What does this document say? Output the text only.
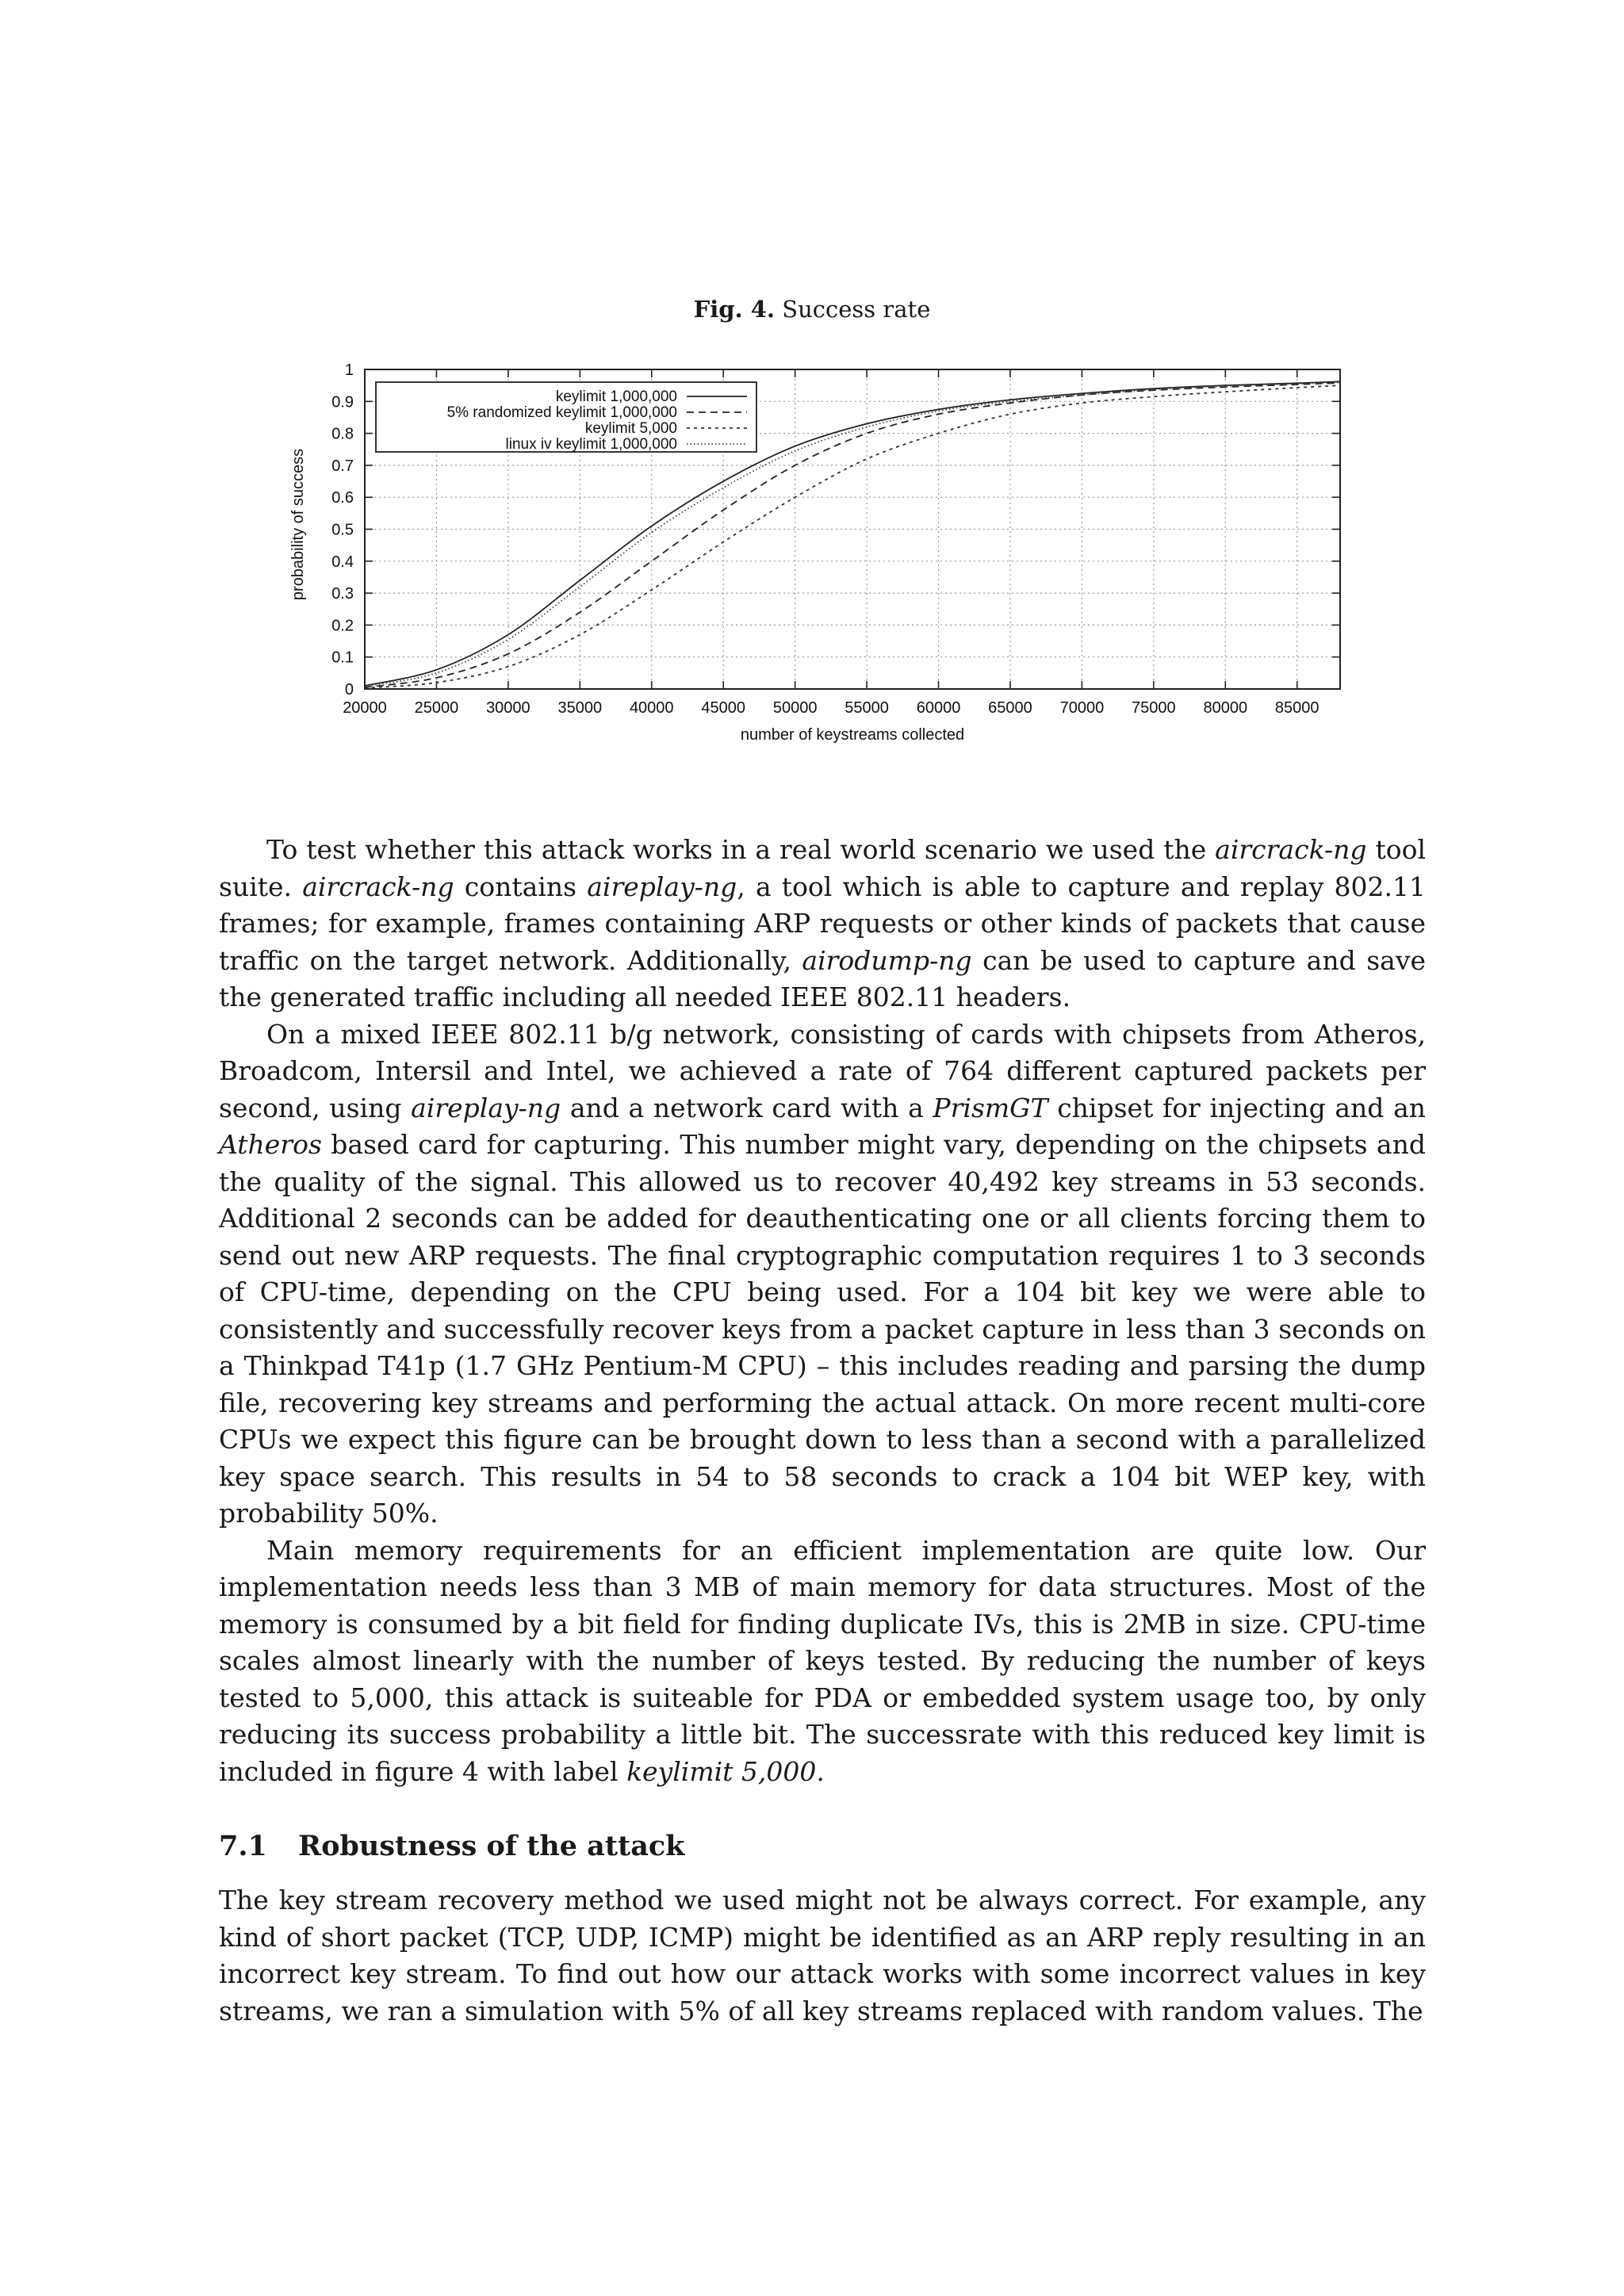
Fig. 4. Success rate
20000 25000 30000 35000 40000 45000 50000 55000 60000 65000 70000 75000 80000 85000
0
0.1
0.2
0.3
0.4
0.5
0.6
0.7
0.8
0.9
1
number of keystreams collected
probability of success
keylimit 1,000,000
5% randomized keylimit 1,000,000
keylimit 5,000
linux iv keylimit 1,000,000

To test whether this attack works in a real world scenario we used the aircrack-ng tool suite. aircrack-ng contains aireplay-ng, a tool which is able to capture and replay 802.11 frames; for example, frames containing ARP requests or other kinds of packets that cause traffic on the target network. Additionally, airodump-ng can be used to capture and save the generated traffic including all needed IEEE 802.11 headers.

On a mixed IEEE 802.11 b/g network, consisting of cards with chipsets from Atheros, Broadcom, Intersil and Intel, we achieved a rate of 764 different captured packets per second, using aireplay-ng and a network card with a PrismGT chipset for injecting and an Atheros based card for capturing. This number might vary, depending on the chipsets and the quality of the signal. This allowed us to recover 40,492 key streams in 53 seconds. Additional 2 seconds can be added for deauthenticating one or all clients forcing them to send out new ARP requests. The final cryptographic computation requires 1 to 3 seconds of CPU-time, depending on the CPU being used. For a 104 bit key we were able to consistently and successfully recover keys from a packet capture in less than 3 seconds on a Thinkpad T41p (1.7 GHz Pentium-M CPU) – this includes reading and parsing the dump file, recovering key streams and performing the actual attack. On more recent multi-core CPUs we expect this figure can be brought down to less than a second with a parallelized key space search. This results in 54 to 58 seconds to crack a 104 bit WEP key, with probability 50%.

Main memory requirements for an efficient implementation are quite low. Our implementation needs less than 3 MB of main memory for data structures. Most of the memory is consumed by a bit field for finding duplicate IVs, this is 2MB in size. CPU-time scales almost linearly with the number of keys tested. By reducing the number of keys tested to 5,000, this attack is suiteable for PDA or embedded system usage too, by only reducing its success probability a little bit. The successrate with this reduced key limit is included in figure 4 with label keylimit 5,000.

7.1 Robustness of the attack

The key stream recovery method we used might not be always correct. For example, any kind of short packet (TCP, UDP, ICMP) might be identified as an ARP reply resulting in an incorrect key stream. To find out how our attack works with some incorrect values in key streams, we ran a simulation with 5% of all key streams replaced with random values. The
